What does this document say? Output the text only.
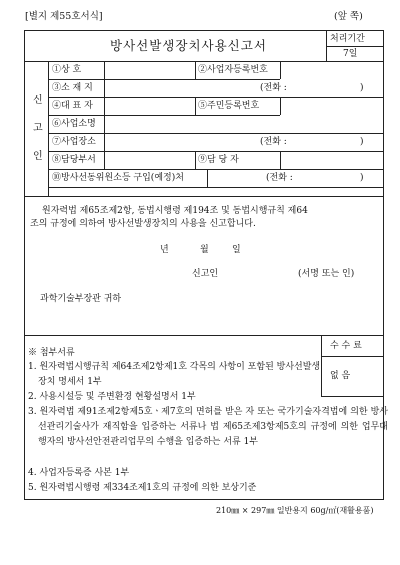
[별지 제55호서식]	(앞 쪽)
방사선발생장치사용신고서	처리기간
7일
신
고
인
①상 호	②사업자등록번호
③소 재 지	(전화 :	)
④대 표 자	⑤주민등록번호
⑥사업소명
⑦사업장소	(전화 :	)
⑧담당부서	⑨담 당 자
⑩방사선동위원소등 구입(예정)처	(전화 :	)
원자력법 제65조제2항, 동법시행령 제194조 및 동법시행규칙 제64
조의 규정에 의하여 방사선발생장치의 사용을 신고합니다.
년	월	일
신고인	(서명 또는 인)
과학기술부장관 귀하
※ 첨부서류
1. 원자력법시행규칙 제64조제2항제1호 각목의 사항이 포함된 방사선발생장치 명세서 1부
2. 사용시설등 및 주변환경 현황설명서 1부
3. 원자력법 제91조제2항제5호ㆍ제7호의 면허를 받은 자 또는 국가기술자격법에 의한 방사선관리기술사가 재직함을 입증하는 서류나 법 제65조제3항제5호의 규정에 의한 업무대행자의 방사선안전관리업무의 수행을 입증하는 서류 1부
4. 사업자등록증 사본 1부
5. 원자력법시행령 제334조제1호의 규정에 의한 보상기준
수 수 료
없 음
210㎜ × 297㎜ 일반용지 60g/㎡(재활용품)
